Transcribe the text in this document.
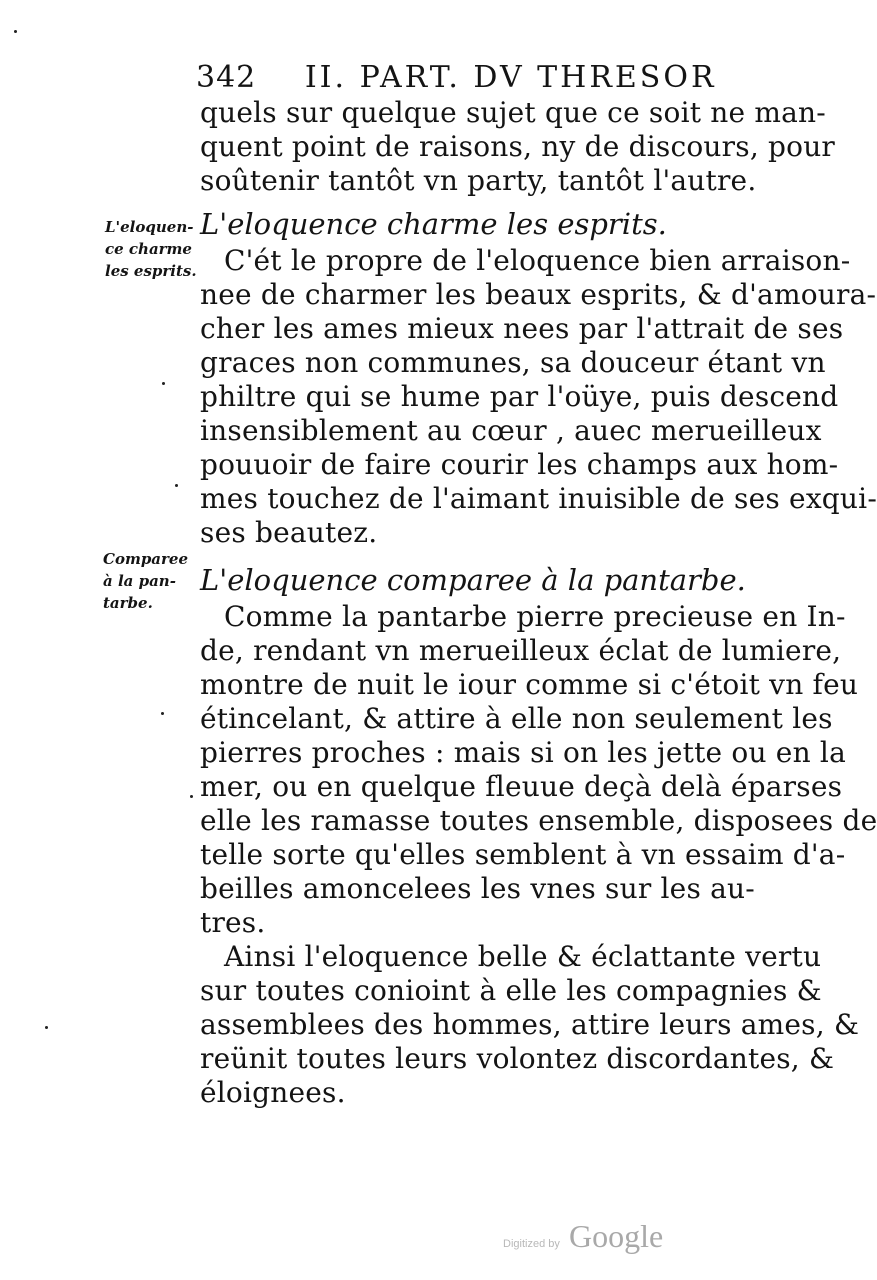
342 II. PART. DV THRESOR
L'eloquen-
ce charme
les esprits.
Comparee
à la pan-
tarbe.
quels sur quelque sujet que ce soit ne man-
quent point de raisons, ny de discours, pour
soûtenir tantôt vn party, tantôt l'autre.
L'eloquence charme les esprits.
C'ét le propre de l'eloquence bien arraison-
nee de charmer les beaux esprits, & d'amoura-
cher les ames mieux nees par l'attrait de ses
graces non communes, sa douceur étant vn
philtre qui se hume par l'oüye, puis descend
insensiblement au cœur , auec merueilleux
pouuoir de faire courir les champs aux hom-
mes touchez de l'aimant inuisible de ses exqui-
ses beautez.
L'eloquence comparee à la pantarbe.
Comme la pantarbe pierre precieuse en In-
de, rendant vn merueilleux éclat de lumiere,
montre de nuit le iour comme si c'étoit vn feu
étincelant, & attire à elle non seulement les
pierres proches : mais si on les jette ou en la
mer, ou en quelque fleuue deçà delà éparses
elle les ramasse toutes ensemble, disposees de
telle sorte qu'elles semblent à vn essaim d'a-
beilles amoncelees les vnes sur les au-
tres.
Ainsi l'eloquence belle & éclattante vertu
sur toutes conioint à elle les compagnies &
assemblees des hommes, attire leurs ames, &
reünit toutes leurs volontez discordantes, &
éloignees.
Digitized by Google
